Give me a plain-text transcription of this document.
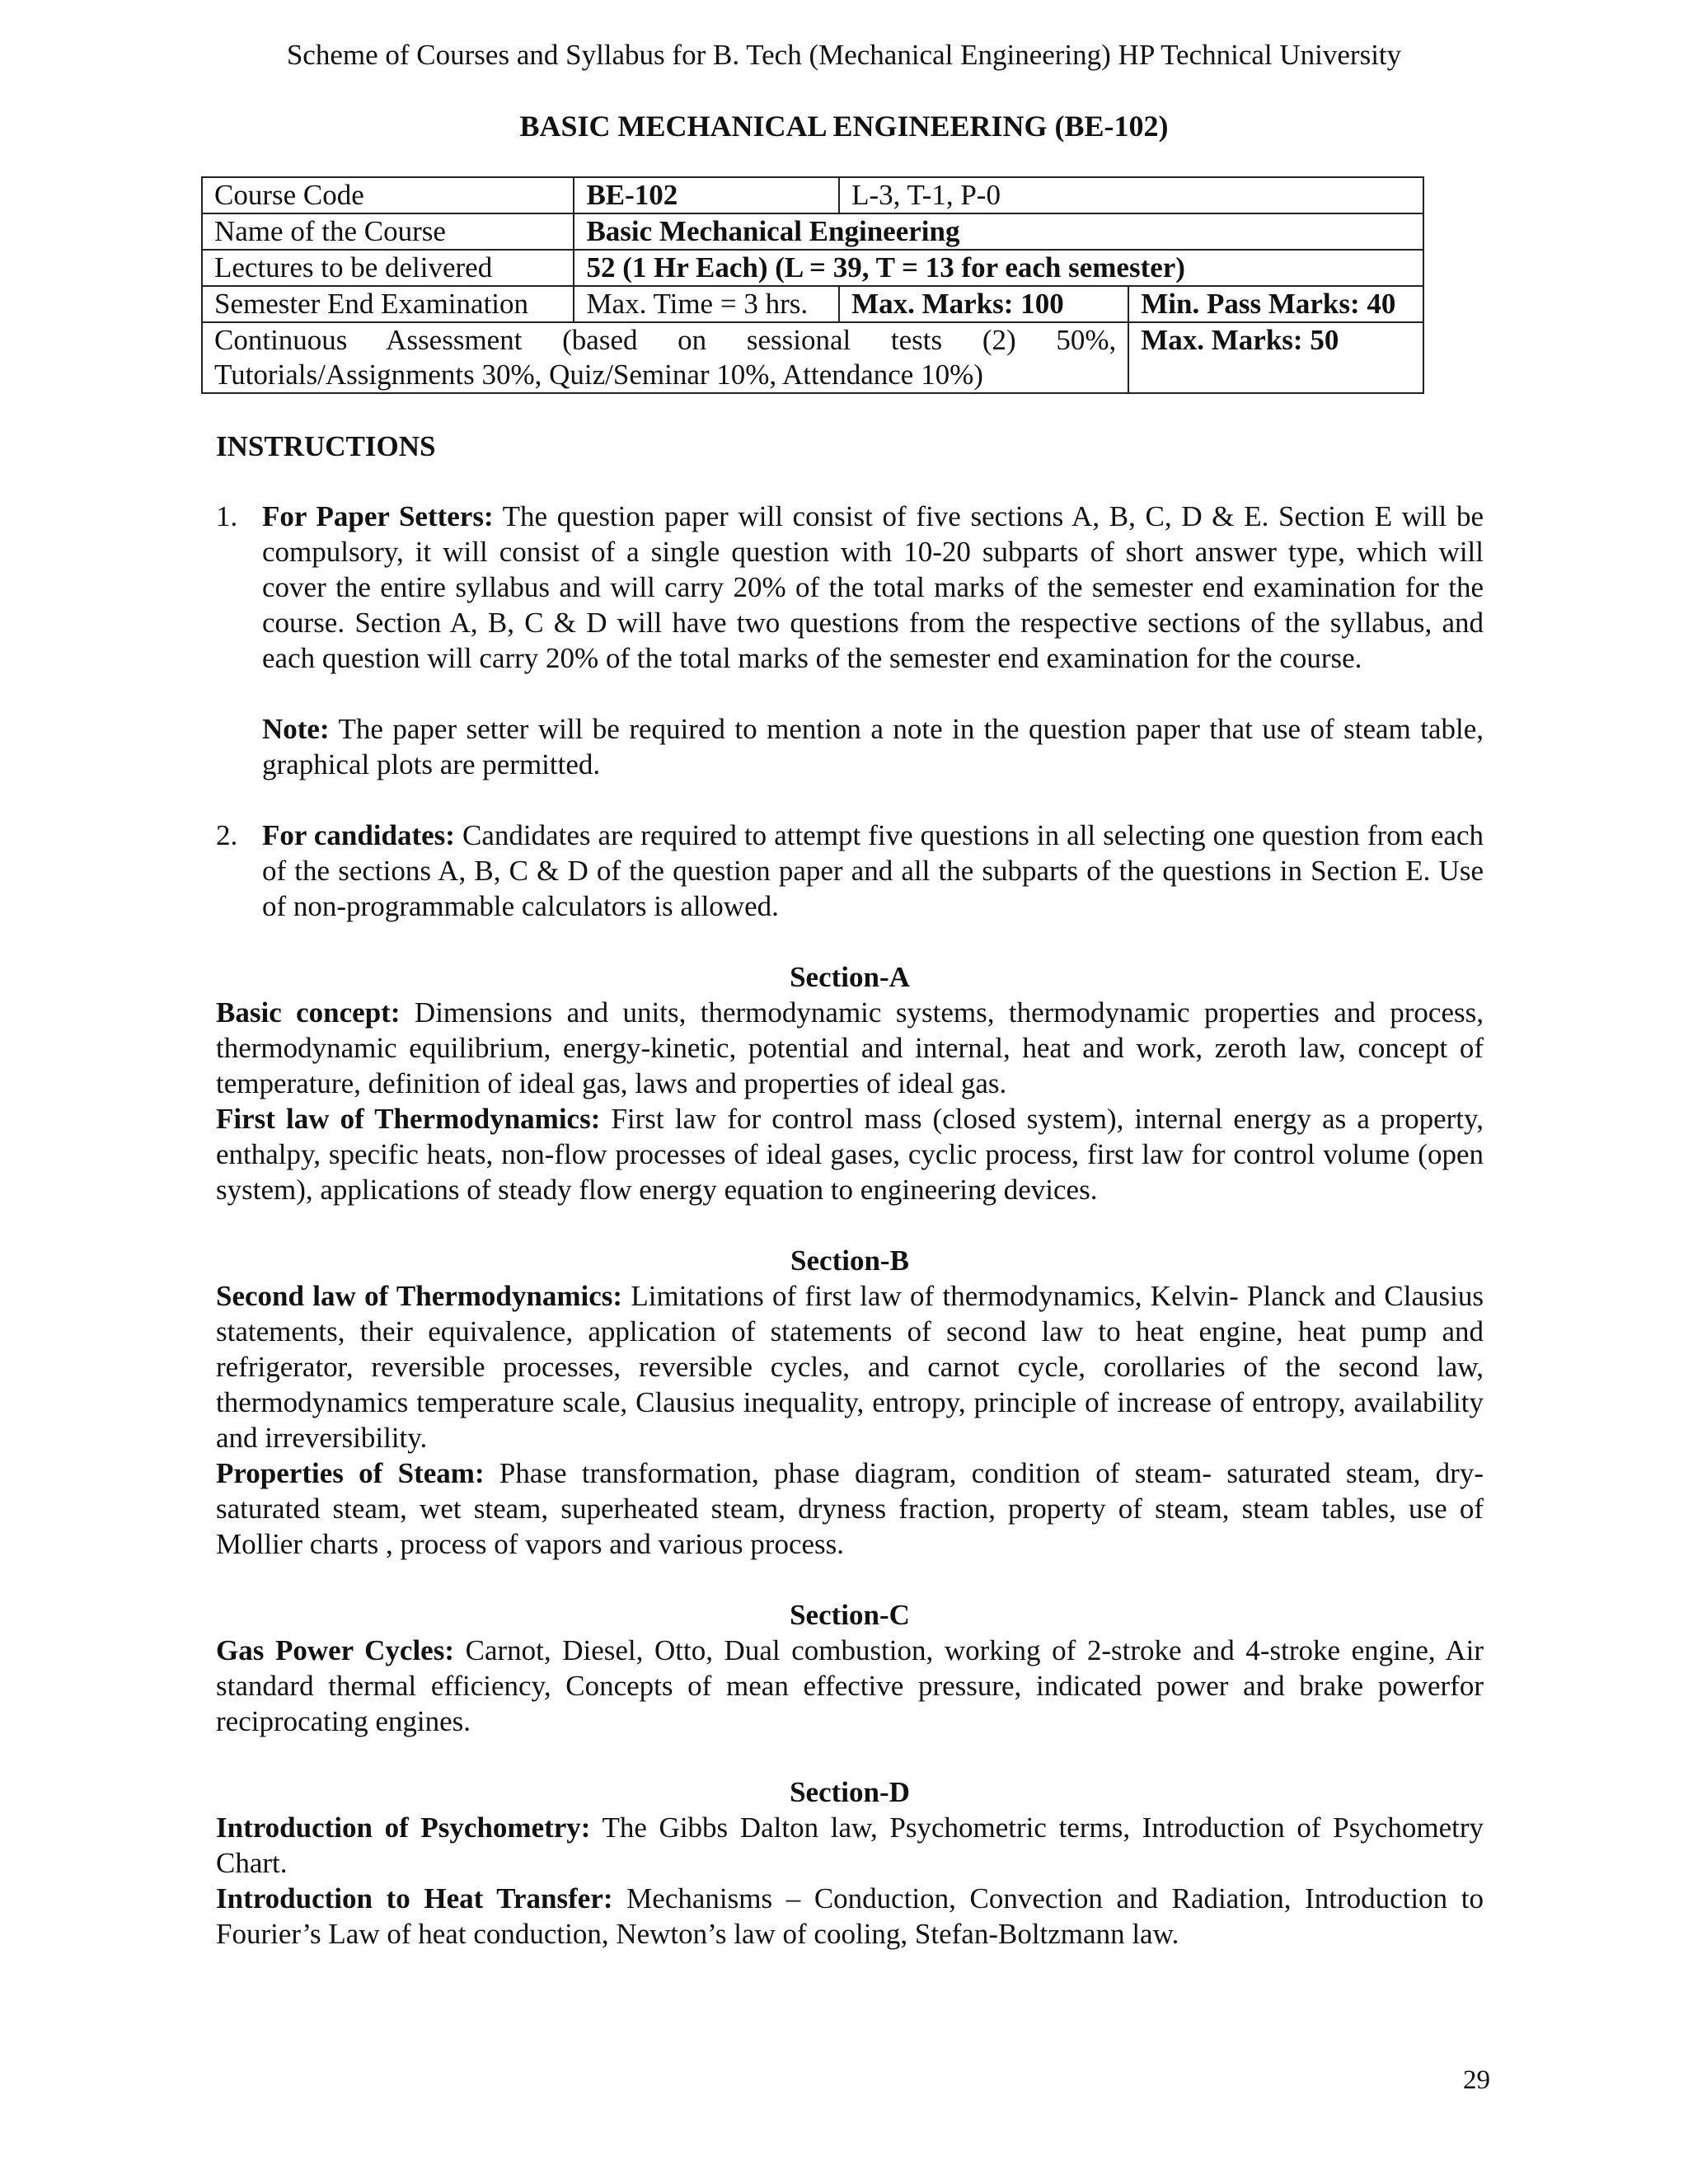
Scheme of Courses and Syllabus for B. Tech (Mechanical Engineering) HP Technical University
BASIC MECHANICAL ENGINEERING (BE-102)
Course Code	BE-102	L-3, T-1, P-0	
Name of the Course	Basic Mechanical Engineering		
Lectures to be delivered	52 (1 Hr Each) (L = 39, T = 13 for each semester)		
Semester End Examination	Max. Time = 3 hrs.	Max. Marks: 100	Min. Pass Marks: 40
Continuous Assessment (based on sessional tests (2) 50%, Tutorials/Assignments 30%, Quiz/Seminar 10%, Attendance 10%)			Max. Marks: 50

INSTRUCTIONS

1. For Paper Setters: The question paper will consist of five sections A, B, C, D & E. Section E will be compulsory, it will consist of a single question with 10-20 subparts of short answer type, which will cover the entire syllabus and will carry 20% of the total marks of the semester end examination for the course. Section A, B, C & D will have two questions from the respective sections of the syllabus, and each question will carry 20% of the total marks of the semester end examination for the course.

Note: The paper setter will be required to mention a note in the question paper that use of steam table, graphical plots are permitted.

2. For candidates: Candidates are required to attempt five questions in all selecting one question from each of the sections A, B, C & D of the question paper and all the subparts of the questions in Section E. Use of non-programmable calculators is allowed.

Section-A

Basic concept: Dimensions and units, thermodynamic systems, thermodynamic properties and process, thermodynamic equilibrium, energy-kinetic, potential and internal, heat and work, zeroth law, concept of temperature, definition of ideal gas, laws and properties of ideal gas.

First law of Thermodynamics: First law for control mass (closed system), internal energy as a property, enthalpy, specific heats, non-flow processes of ideal gases, cyclic process, first law for control volume (open system), applications of steady flow energy equation to engineering devices.

Section-B

Second law of Thermodynamics: Limitations of first law of thermodynamics, Kelvin- Planck and Clausius statements, their equivalence, application of statements of second law to heat engine, heat pump and refrigerator, reversible processes, reversible cycles, and carnot cycle, corollaries of the second law, thermodynamics temperature scale, Clausius inequality, entropy, principle of increase of entropy, availability and irreversibility.

Properties of Steam: Phase transformation, phase diagram, condition of steam- saturated steam, dry-saturated steam, wet steam, superheated steam, dryness fraction, property of steam, steam tables, use of Mollier charts , process of vapors and various process.

Section-C

Gas Power Cycles: Carnot, Diesel, Otto, Dual combustion, working of 2-stroke and 4-stroke engine, Air standard thermal efficiency, Concepts of mean effective pressure, indicated power and brake powerfor reciprocating engines.

Section-D

Introduction of Psychometry: The Gibbs Dalton law, Psychometric terms, Introduction of Psychometry Chart.

Introduction to Heat Transfer: Mechanisms – Conduction, Convection and Radiation, Introduction to Fourier’s Law of heat conduction, Newton’s law of cooling, Stefan-Boltzmann law.

29
